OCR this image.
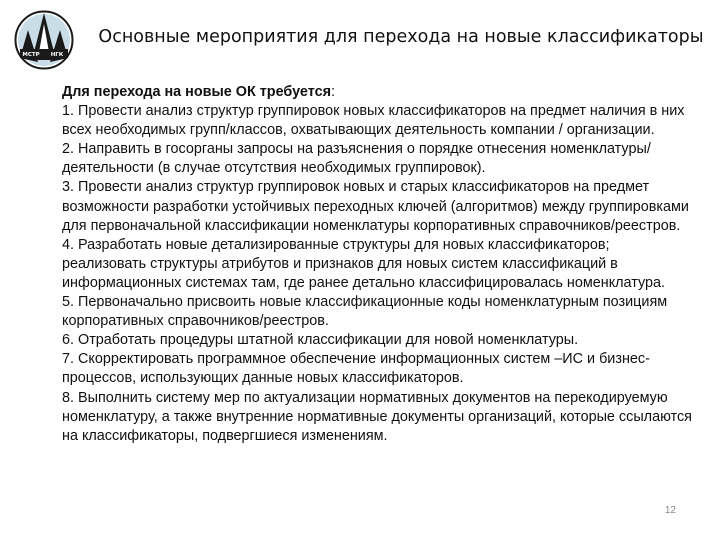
МСТР НГК
Основные мероприятия для перехода на новые классификаторы

Для перехода на новые ОК требуется:

1. Провести анализ структур группировок новых классификаторов на предмет наличия в них всех необходимых групп/классов, охватывающих деятельность компании / организации.

2. Направить в госорганы запросы на разъяснения о порядке отнесения номенклатуры/деятельности (в случае отсутствия необходимых группировок).

3. Провести анализ структур группировок новых и старых классификаторов на предмет возможности разработки устойчивых переходных ключей (алгоритмов) между группировками для первоначальной классификации номенклатуры корпоративных справочников/реестров.

4. Разработать новые детализированные структуры для новых классификаторов; реализовать структуры атрибутов и признаков для новых систем классификаций в информационных системах там, где ранее детально классифицировалась номенклатура.

5. Первоначально присвоить новые классификационные коды номенклатурным позициям корпоративных справочников/реестров.

6. Отработать процедуры штатной классификации для новой номенклатуры.

7. Скорректировать программное обеспечение информационных систем –ИС и бизнес-процессов, использующих данные новых классификаторов.

8. Выполнить систему мер по актуализации нормативных документов на перекодируемую номенклатуру, а также внутренние нормативные документы организаций, которые ссылаются на классификаторы, подвергшиеся изменениям.

12
